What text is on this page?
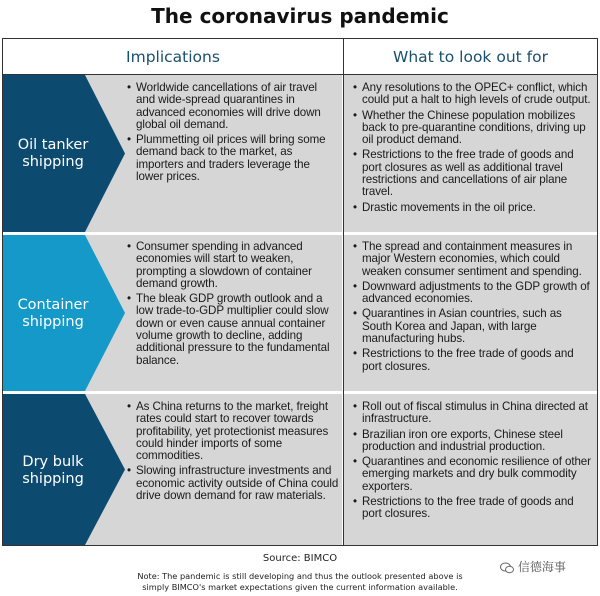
The coronavirus pandemic
Implications	What to look out for
Oil tanker
shipping
• Worldwide cancellations of air travel and wide-spread quarantines in advanced economies will drive down global oil demand.
• Plummetting oil prices will bring some demand back to the market, as importers and traders leverage the lower prices.
• Any resolutions to the OPEC+ conflict, which could put a halt to high levels of crude output.
• Whether the Chinese population mobilizes back to pre-quarantine conditions, driving up oil product demand.
• Restrictions to the free trade of goods and port closures as well as additional travel restrictions and cancellations of air plane travel.
• Drastic movements in the oil price.
Container
shipping
• Consumer spending in advanced economies will start to weaken, prompting a slowdown of container demand growth.
• The bleak GDP growth outlook and a low trade-to-GDP multiplier could slow down or even cause annual container volume growth to decline, adding additional pressure to the fundamental balance.
• The spread and containment measures in major Western economies, which could weaken consumer sentiment and spending.
• Downward adjustments to the GDP growth of advanced economies.
• Quarantines in Asian countries, such as South Korea and Japan, with large manufacturing hubs.
• Restrictions to the free trade of goods and port closures.
Dry bulk
shipping
• As China returns to the market, freight rates could start to recover towards profitability, yet protectionist measures could hinder imports of some commodities.
• Slowing infrastructure investments and economic activity outside of China could drive down demand for raw materials.
• Roll out of fiscal stimulus in China directed at infrastructure.
• Brazilian iron ore exports, Chinese steel production and industrial production.
• Quarantines and economic resilience of other emerging markets and dry bulk commodity exporters.
• Restrictions to the free trade of goods and port closures.
Source: BIMCO
Note: The pandemic is still developing and thus the outlook presented above is
simply BIMCO's market expectations given the current information available.
信德海事
